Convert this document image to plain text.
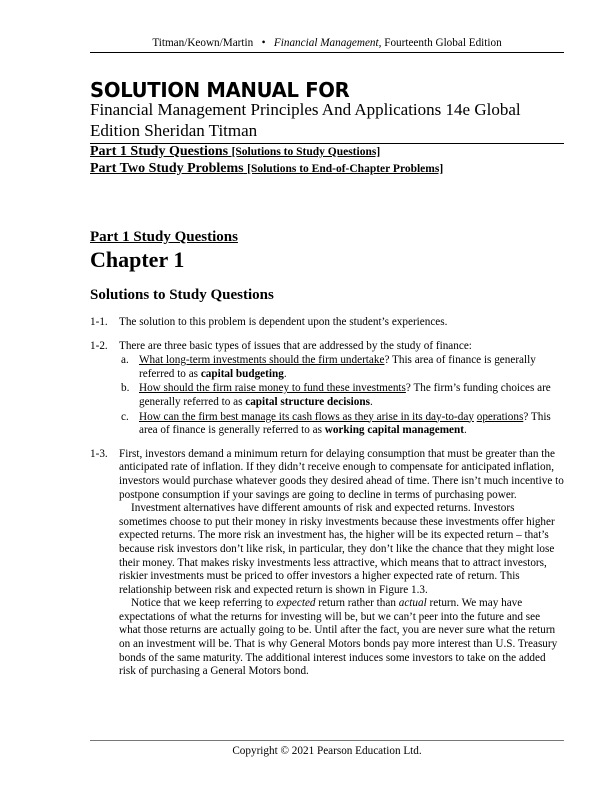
Titman/Keown/Martin • Financial Management, Fourteenth Global Edition
SOLUTION MANUAL FOR
Financial Management Principles And Applications 14e Global Edition Sheridan Titman
Part 1 Study Questions [Solutions to Study Questions]
Part Two Study Problems [Solutions to End-of-Chapter Problems]
Part 1 Study Questions
Chapter 1
Solutions to Study Questions
1-1. The solution to this problem is dependent upon the student’s experiences.

1-2. There are three basic types of issues that are addressed by the study of finance:

a. What long-term investments should the firm undertake? This area of finance is generally referred to as capital budgeting.
b. How should the firm raise money to fund these investments? The firm’s funding choices are generally referred to as capital structure decisions.
c. How can the firm best manage its cash flows as they arise in its day-to-day operations? This area of finance is generally referred to as working capital management.
1-3. First, investors demand a minimum return for delaying consumption that must be greater than the anticipated rate of inflation. If they didn’t receive enough to compensate for anticipated inflation, investors would purchase whatever goods they desired ahead of time. There isn’t much incentive to postpone consumption if your savings are going to decline in terms of purchasing power.

Investment alternatives have different amounts of risk and expected returns. Investors sometimes choose to put their money in risky investments because these investments offer higher expected returns. The more risk an investment has, the higher will be its expected return – that’s because risk investors don’t like risk, in particular, they don’t like the chance that they might lose their money. That makes risky investments less attractive, which means that to attract investors, riskier investments must be priced to offer investors a higher expected rate of return. This relationship between risk and expected return is shown in Figure 1.3.

Notice that we keep referring to expected return rather than actual return. We may have expectations of what the returns for investing will be, but we can’t peer into the future and see what those returns are actually going to be. Until after the fact, you are never sure what the return on an investment will be. That is why General Motors bonds pay more interest than U.S. Treasury bonds of the same maturity. The additional interest induces some investors to take on the added risk of purchasing a General Motors bond.

Copyright © 2021 Pearson Education Ltd.
